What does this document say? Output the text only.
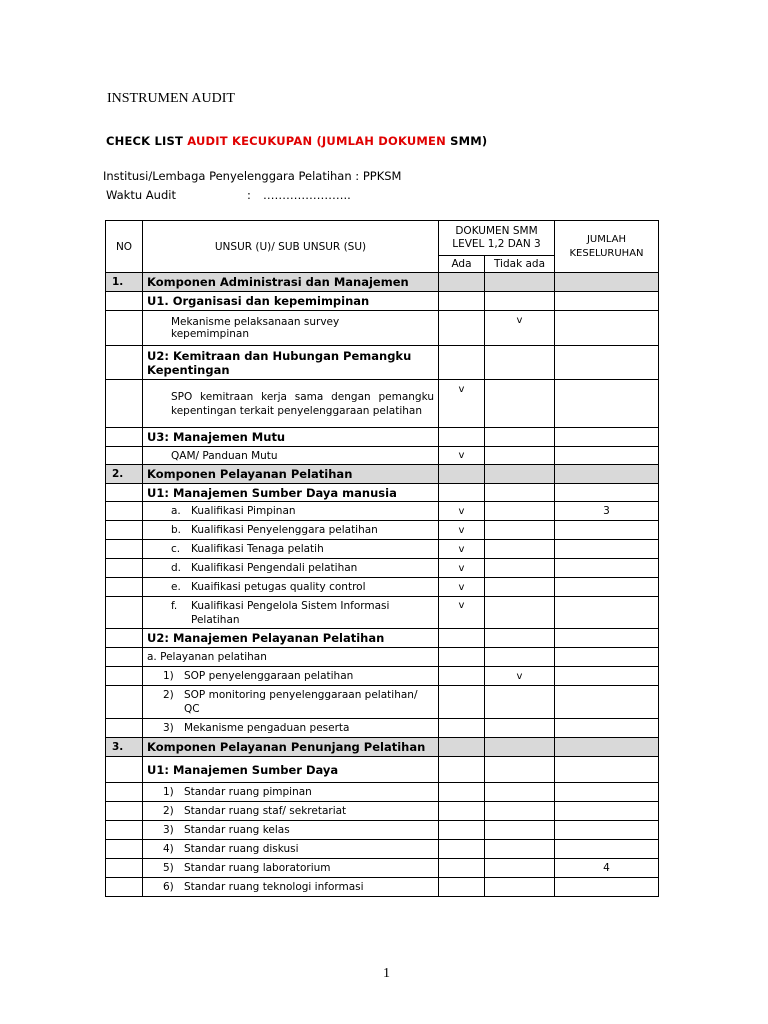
INSTRUMEN AUDIT
CHECK LIST AUDIT KECUKUPAN (JUMLAH DOKUMEN SMM)
Institusi/Lembaga Penyelenggara Pelatihan : PPKSM
Waktu Audit	: …………………..
NO	UNSUR (U)/ SUB UNSUR (SU)	DOKUMEN SMM LEVEL 1,2 DAN 3		JUMLAH KESELURUHAN
		Ada	Tidak ada	
1.	Komponen Administrasi dan Manajemen			
	U1. Organisasi dan kepemimpinan			
	Mekanisme pelaksanaan survey kepemimpinan		v	
	U2: Kemitraan dan Hubungan Pemangku Kepentingan			
	SPO kemitraan kerja sama dengan pemangku kepentingan terkait penyelenggaraan pelatihan	v		
	U3: Manajemen Mutu			
	QAM/ Panduan Mutu	v		
2.	Komponen Pelayanan Pelatihan			
	U1: Manajemen Sumber Daya manusia			
	a. Kualifikasi Pimpinan	v		3
	b. Kualifikasi Penyelenggara pelatihan	v		
	c. Kualifikasi Tenaga pelatih	v		
	d. Kualifikasi Pengendali pelatihan	v		
	e. Kuaifikasi petugas quality control	v		
	f. Kualifikasi Pengelola Sistem Informasi Pelatihan	v		
	U2: Manajemen Pelayanan Pelatihan			
	a. Pelayanan pelatihan			
	1) SOP penyelenggaraan pelatihan		v	
	2) SOP monitoring penyelenggaraan pelatihan/ QC			
	3) Mekanisme pengaduan peserta			
3.	Komponen Pelayanan Penunjang Pelatihan			
	U1: Manajemen Sumber Daya			
	1) Standar ruang pimpinan			
	2) Standar ruang staf/ sekretariat			
	3) Standar ruang kelas			
	4) Standar ruang diskusi			
	5) Standar ruang laboratorium			4
	6) Standar ruang teknologi informasi			
1
